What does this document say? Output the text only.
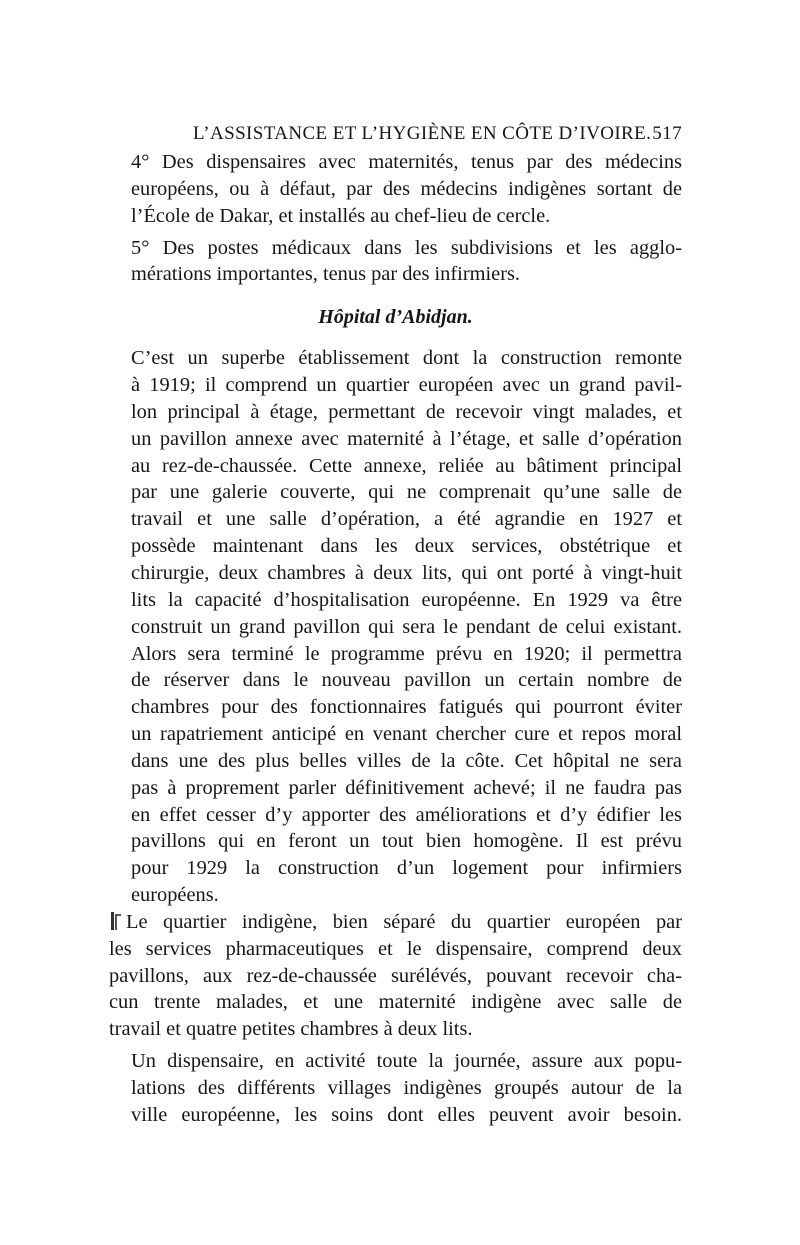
L’ASSISTANCE ET L’HYGIÈNE EN CÔTE D’IVOIRE. 517

4° Des dispensaires avec maternités, tenus par des médecins
européens, ou à défaut, par des médecins indigènes sortant de
l’École de Dakar, et installés au chef-lieu de cercle.

5° Des postes médicaux dans les subdivisions et les agglo-
mérations importantes, tenus par des infirmiers.

Hôpital d’Abidjan.

C’est un superbe établissement dont la construction remonte
à 1919; il comprend un quartier européen avec un grand pavil-
lon principal à étage, permettant de recevoir vingt malades, et
un pavillon annexe avec maternité à l’étage, et salle d’opération
au rez-de-chaussée. Cette annexe, reliée au bâtiment principal
par une galerie couverte, qui ne comprenait qu’une salle de
travail et une salle d’opération, a été agrandie en 1927 et
possède maintenant dans les deux services, obstétrique et
chirurgie, deux chambres à deux lits, qui ont porté à vingt-huit
lits la capacité d’hospitalisation européenne. En 1929 va être
construit un grand pavillon qui sera le pendant de celui existant.
Alors sera terminé le programme prévu en 1920; il permettra
de réserver dans le nouveau pavillon un certain nombre de
chambres pour des fonctionnaires fatigués qui pourront éviter
un rapatriement anticipé en venant chercher cure et repos moral
dans une des plus belles villes de la côte. Cet hôpital ne sera
pas à proprement parler définitivement achevé; il ne faudra pas
en effet cesser d’y apporter des améliorations et d’y édifier les
pavillons qui en feront un tout bien homogène. Il est prévu
pour 1929 la construction d’un logement pour infirmiers
européens.

Le quartier indigène, bien séparé du quartier européen par
les services pharmaceutiques et le dispensaire, comprend deux
pavillons, aux rez-de-chaussée surélévés, pouvant recevoir cha-
cun trente malades, et une maternité indigène avec salle de
travail et quatre petites chambres à deux lits.

Un dispensaire, en activité toute la journée, assure aux popu-
lations des différents villages indigènes groupés autour de la
ville européenne, les soins dont elles peuvent avoir besoin.
